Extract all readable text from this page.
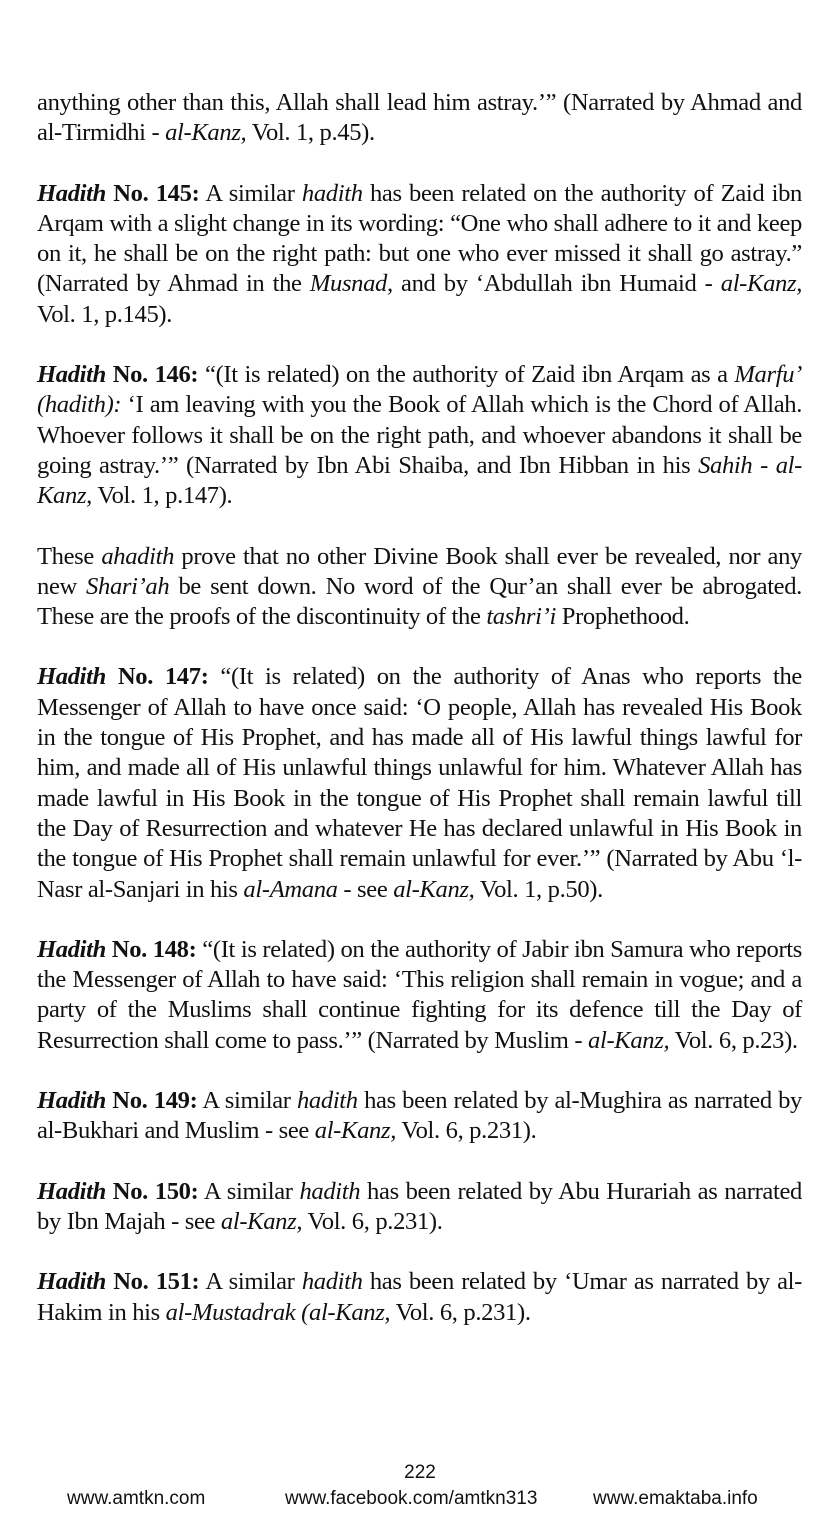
anything other than this, Allah shall lead him astray.’” (Narrated by Ahmad and al-Tirmidhi - al-Kanz, Vol. 1, p.45).

Hadith No. 145: A similar hadith has been related on the authority of Zaid ibn Arqam with a slight change in its wording: “One who shall adhere to it and keep on it, he shall be on the right path: but one who ever missed it shall go astray.” (Narrated by Ahmad in the Musnad, and by ‘Abdullah ibn Humaid - al-Kanz, Vol. 1, p.145).

Hadith No. 146: “(It is related) on the authority of Zaid ibn Arqam as a Marfu’ (hadith): ‘I am leaving with you the Book of Allah which is the Chord of Allah. Whoever follows it shall be on the right path, and whoever abandons it shall be going astray.’” (Narrated by Ibn Abi Shaiba, and Ibn Hibban in his Sahih - al-Kanz, Vol. 1, p.147).

These ahadith prove that no other Divine Book shall ever be revealed, nor any new Shari’ah be sent down. No word of the Qur’an shall ever be abrogated. These are the proofs of the discontinuity of the tashri’i Prophethood.

Hadith No. 147: “(It is related) on the authority of Anas who reports the Messenger of Allah to have once said: ‘O people, Allah has revealed His Book in the tongue of His Prophet, and has made all of His lawful things lawful for him, and made all of His unlawful things unlawful for him. Whatever Allah has made lawful in His Book in the tongue of His Prophet shall remain lawful till the Day of Resurrection and whatever He has declared unlawful in His Book in the tongue of His Prophet shall remain unlawful for ever.’” (Narrated by Abu ‘l-Nasr al-Sanjari in his al-Amana - see al-Kanz, Vol. 1, p.50).

Hadith No. 148: “(It is related) on the authority of Jabir ibn Samura who reports the Messenger of Allah to have said: ‘This religion shall remain in vogue; and a party of the Muslims shall continue fighting for its defence till the Day of Resurrection shall come to pass.’” (Narrated by Muslim - al-Kanz, Vol. 6, p.23).

Hadith No. 149: A similar hadith has been related by al-Mughira as narrated by al-Bukhari and Muslim - see al-Kanz, Vol. 6, p.231).

Hadith No. 150: A similar hadith has been related by Abu Hurariah as narrated by Ibn Majah - see al-Kanz, Vol. 6, p.231).

Hadith No. 151: A similar hadith has been related by ‘Umar as narrated by al-Hakim in his al-Mustadrak (al-Kanz, Vol. 6, p.231).

222
www.amtkn.com	www.facebook.com/amtkn313	www.emaktaba.info
